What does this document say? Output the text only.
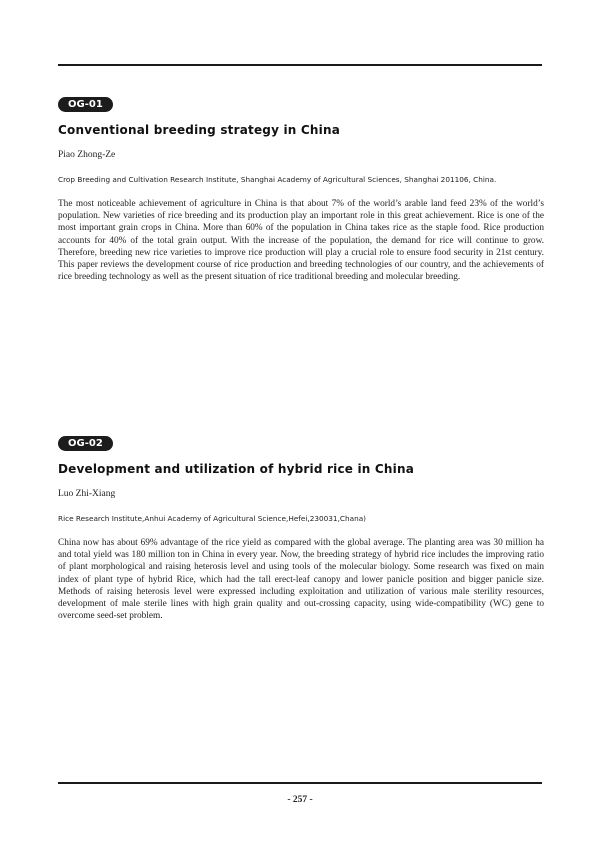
OG-01
Conventional breeding strategy in China
Piao Zhong-Ze
Crop Breeding and Cultivation Research Institute, Shanghai Academy of Agricultural Sciences, Shanghai 201106, China.
The most noticeable achievement of agriculture in China is that about 7% of the world’s arable land feed 23% of the world’s population. New varieties of rice breeding and its production play an important role in this great achievement. Rice is one of the most important grain crops in China. More than 60% of the population in China takes rice as the staple food. Rice production accounts for 40% of the total grain output. With the increase of the population, the demand for rice will continue to grow. Therefore, breeding new rice varieties to improve rice production will play a crucial role to ensure food security in 21st century. This paper reviews the development course of rice production and breeding technologies of our country, and the achievements of rice breeding technology as well as the present situation of rice traditional breeding and molecular breeding.
OG-02
Development and utilization of hybrid rice in China
Luo Zhi-Xiang
Rice Research Institute,Anhui Academy of Agricultural Science,Hefei,230031,Chana)
China now has about 69% advantage of the rice yield as compared with the global average. The planting area was 30 million ha and total yield was 180 million ton in China in every year. Now, the breeding strategy of hybrid rice includes the improving ratio of plant morphological and raising heterosis level and using tools of the molecular biology. Some research was fixed on main index of plant type of hybrid Rice, which had the tall erect-leaf canopy and lower panicle position and bigger panicle size. Methods of raising heterosis level were expressed including exploitation and utilization of various male sterility resources, development of male sterile lines with high grain quality and out-crossing capacity, using wide-compatibility (WC) gene to overcome seed-set problem.
- 257 -
